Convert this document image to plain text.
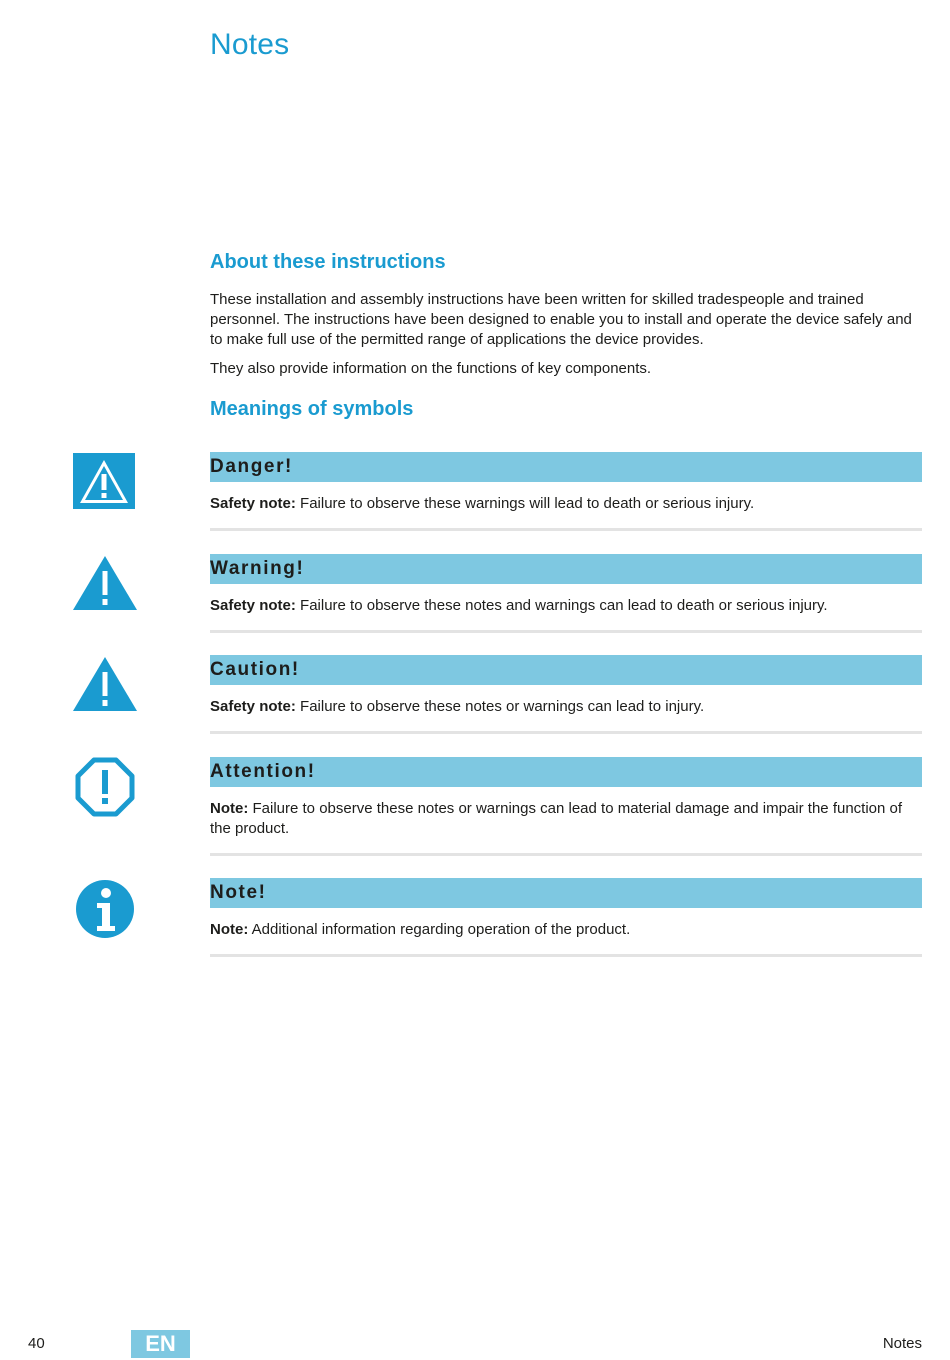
Notes
About these instructions

These installation and assembly instructions have been written for skilled tradespeople and trained personnel. The instructions have been designed to enable you to install and operate the device safely and to make full use of the permitted range of applications the device provides.

They also provide information on the functions of key components.

Meanings of symbols
Danger!
Safety note: Failure to observe these warnings will lead to death or serious injury.
Warning!
Safety note: Failure to observe these notes and warnings can lead to death or serious injury.
Caution!
Safety note: Failure to observe these notes or warnings can lead to injury.
Attention!
Note: Failure to observe these notes or warnings can lead to material damage and impair the function of the product.
Note!
Note: Additional information regarding operation of the product.
40	EN	Notes
